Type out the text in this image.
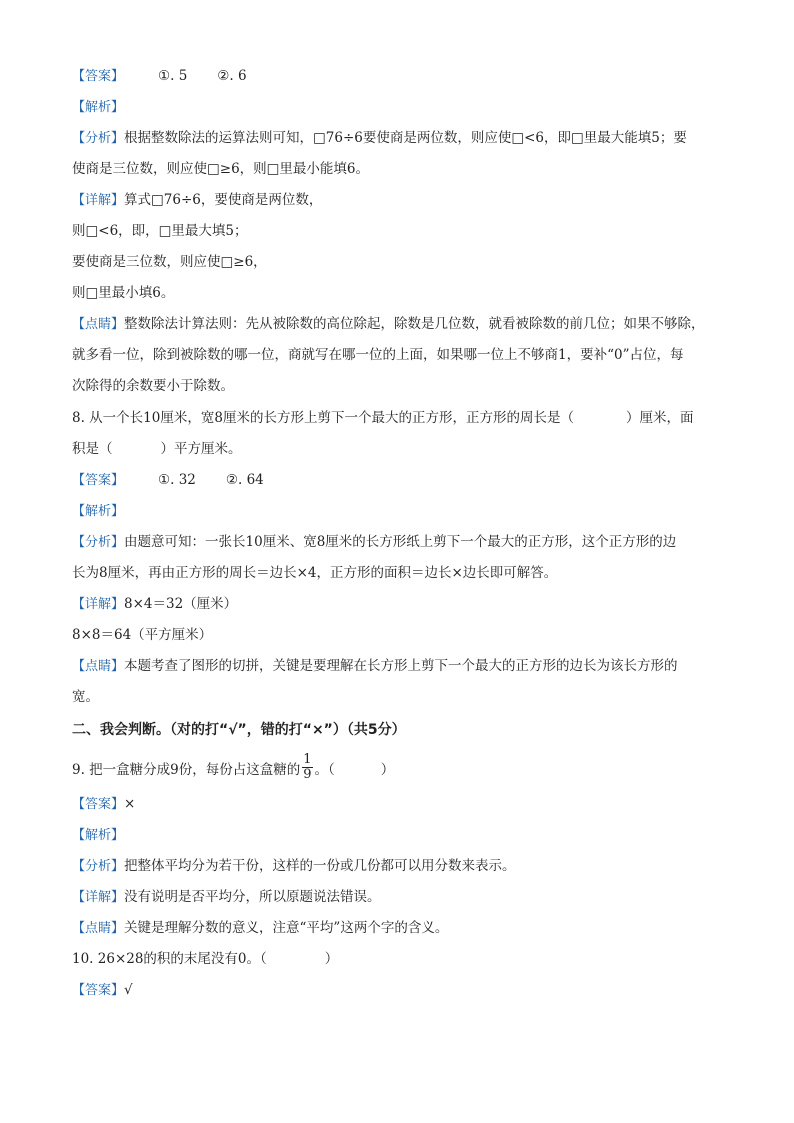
【答案】	①. 5 ②. 6
【解析】
【分析】根据整数除法的运算法则可知，□76÷6要使商是两位数，则应使□<6，即□里最大能填5；要
使商是三位数，则应使□≥6，则□里最小能填6。
【详解】算式□76÷6，要使商是两位数，
则□<6，即，□里最大填5；
要使商是三位数，则应使□≥6，
则□里最小填6。
【点睛】整数除法计算法则：先从被除数的高位除起，除数是几位数，就看被除数的前几位；如果不够除，
就多看一位，除到被除数的哪一位，商就写在哪一位的上面，如果哪一位上不够商1，要补“0”占位，每
次除得的余数要小于除数。
8. 从一个长10厘米，宽8厘米的长方形上剪下一个最大的正方形，正方形的周长是（	）厘米，面
积是（	）平方厘米。
【答案】	①. 32 ②. 64
【解析】
【分析】由题意可知：一张长10厘米、宽8厘米的长方形纸上剪下一个最大的正方形，这个正方形的边
长为8厘米，再由正方形的周长＝边长×4，正方形的面积＝边长×边长即可解答。
【详解】8×4＝32（厘米）
8×8＝64（平方厘米）
【点睛】本题考查了图形的切拼，关键是要理解在长方形上剪下一个最大的正方形的边长为该长方形的
宽。
二、我会判断。（对的打“√”，错的打“×”）（共5分）
9. 把一盒糖分成9份，每份占这盒糖的 $\frac{1}{9}$ 。（	）
【答案】×
【解析】
【分析】把整体平均分为若干份，这样的一份或几份都可以用分数来表示。
【详解】没有说明是否平均分，所以原题说法错误。
【点睛】关键是理解分数的意义，注意“平均”这两个字的含义。
10. 26×28的积的末尾没有0。（	）
【答案】√
